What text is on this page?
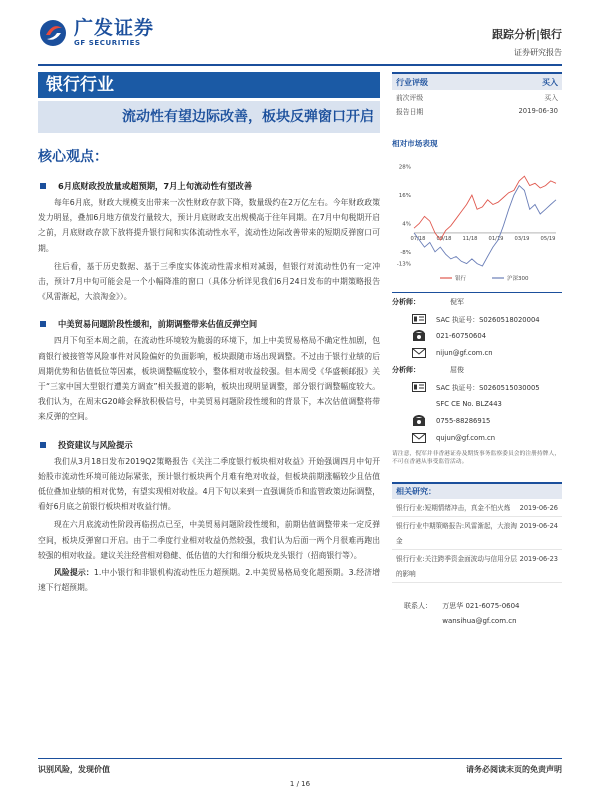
广发证券
GF SECURITIES
跟踪分析|银行
证券研究报告
银行行业
流动性有望边际改善，板块反弹窗口开启
核心观点：
6月底财政投放量或超预期，7月上旬流动性有望改善

每年6月底，财政大规模支出带来一次性财政存款下降，数量级约在2万亿左右。今年财政政策发力明显，叠加6月地方债发行量较大，预计月底财政支出规模高于往年同期。在7月中旬税期开启之前，月底财政存款下放将提升银行间和实体流动性水平，流动性边际改善带来的短期反弹窗口可期。

往后看，基于历史数据、基于三季度实体流动性需求相对减弱，但银行对流动性仍有一定冲击，预计7月中旬可能会是一个小幅降准的窗口（具体分析详见我们6月24日发布的中期策略报告《风雷渐起，大浪淘金》）。

中美贸易问题阶段性缓和，前期调整带来估值反弹空间

四月下旬至本周之前，在流动性环境较为脆弱的环境下，加上中美贸易格局不确定性加剧，包商银行被接管等风险事件对风险偏好的负面影响，板块跟随市场出现调整。不过由于银行业绩的后周期优势和估值低位等因素，板块调整幅度较小，整体相对收益较强。但本周受《华盛顿邮报》关于“三家中国大型银行遭美方调查”相关报道的影响，板块出现明显调整，部分银行调整幅度较大。我们认为，在周末G20峰会释放积极信号，中美贸易问题阶段性缓和的背景下，本次估值调整将带来反弹的空间。

投资建议与风险提示

我们从3月18日发布2019Q2策略报告《关注二季度银行板块相对收益》开始强调四月中旬开始股市流动性环境可能边际紧张，预计银行板块两个月难有绝对收益，但板块前期涨幅较少且估值低位叠加业绩的相对优势，有望实现相对收益。4月下旬以来到一直强调货币和监管政策边际调整，看好6月底之前银行板块相对收益行情。

现在六月底流动性阶段再临拐点已至，中美贸易问题阶段性缓和，前期估值调整带来一定反弹空间，板块反弹窗口开启。由于二季度行业相对收益仍然较强，我们认为后面一两个月很难再跑出较强的相对收益。建议关注经营相对稳健、低估值的大行和细分板块龙头银行（招商银行等）。

风险提示：1.中小银行和非银机构流动性压力超预期。2.中美贸易格局变化超预期。3.经济增速下行超预期。

行业评级	买入
前次评级	买入
报告日期	2019-06-30
相对市场表现
28%
16%
4%
-8%
-13%
07/18 09/18 11/18 01/19 03/19 05/19
银行	沪深300
分析师：	倪军
SAC 执证号：S0260518020004
021-60750604
nijun@gf.com.cn
分析师：	屈俊
SAC 执证号：S0260515030005
SFC CE No. BLZ443
0755-88286915
qujun@gf.com.cn
请注意，倪军并非香港证券及期货事务监察委员会的注册持牌人，不可在香港从事受监管活动。
相关研究：
银行行业:短期情绪冲击，真金不怕火炼	2019-06-26
银行行业中期策略报告:风雷渐起，大浪淘金
2019-06-24
银行行业:关注跨季资金面波动与信用分层的影响
2019-06-23
联系人： 万思华 021-6075-0604
wansihua@gf.com.cn
识别风险，发现价值	请务必阅读末页的免责声明
1 / 16
